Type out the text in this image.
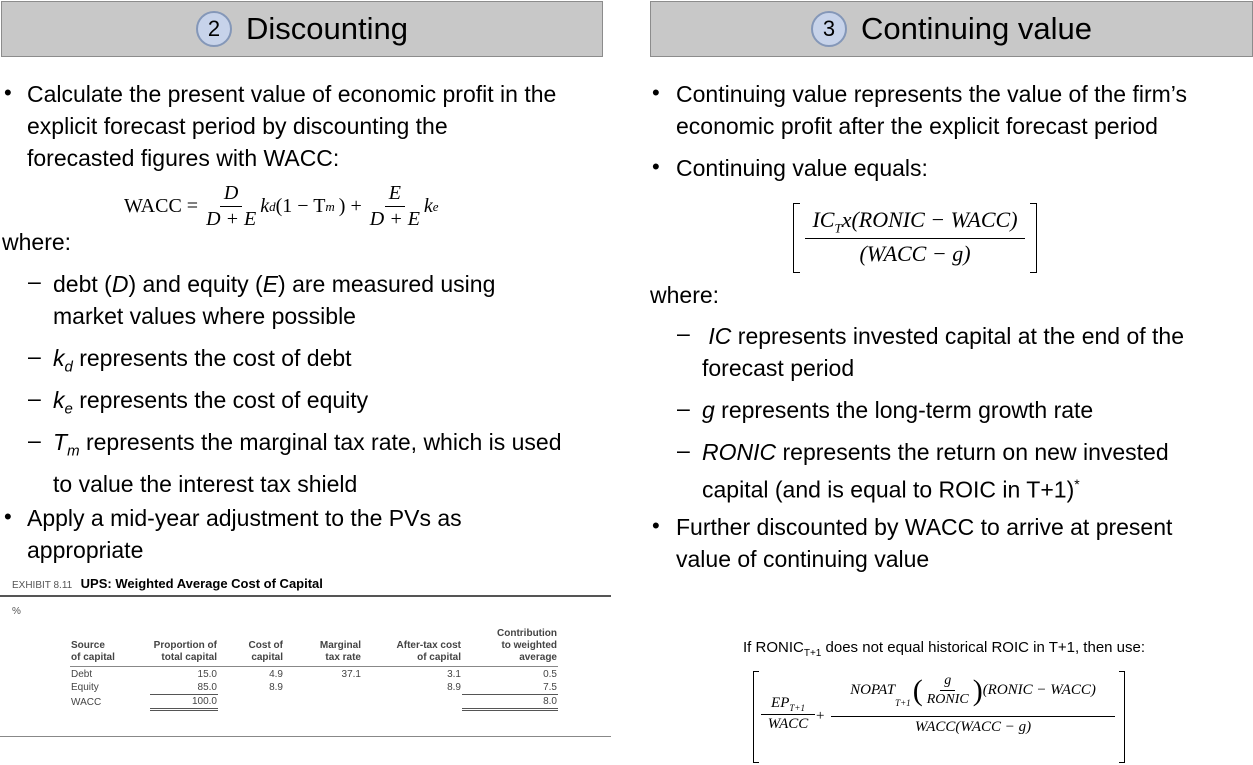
2 Discounting	3 Continuing value
• Calculate the present value of economic profit in the
explicit forecast period by discounting the
forecasted figures with WACC:
WACC = $\frac{D}{D + E}$ k d (1 − T m ) + $\frac{E}{D + E}$ k e
where:
– debt (D) and equity (E) are measured using
market values where possible
– $k_d$ represents the cost of debt
– $k_e$ represents the cost of equity
– $T_m$ represents the marginal tax rate, which is used
to value the interest tax shield
• Apply a mid-year adjustment to the PVs as
appropriate
EXHIBIT 8.11 UPS: Weighted Average Cost of Capital
%
Source
of capital	Proportion of
total capital	Cost of
capital	Marginal
tax rate	After-tax cost
of capital	Contribution
to weighted
average
Debt	15.0	4.9	37.1	3.1	0.5
Equity	85.0	8.9		8.9	7.5
WACC	100.0				8.0
• Continuing value represents the value of the firm’s
economic profit after the explicit forecast period
• Continuing value equals:
$IC_Tx(RONIC$ − WACC)
(WACC − g)
where:
– IC represents invested capital at the end of the
forecast period
– g represents the long-term growth rate
– RONIC represents the return on new invested
capital (and is equal to ROIC in T+1)*
• Further discounted by WACC to arrive at present
value of continuing value
If $RONIC_{T+1}$ does not equal historical ROIC in T+1, then use:
$EP_{T+1}$
WACC +
NOPAT
$_{T+1}$ ( $\frac{g}{\text{RONIC}}$ ) (RONIC − WACC)
WACC(WACC − g)
